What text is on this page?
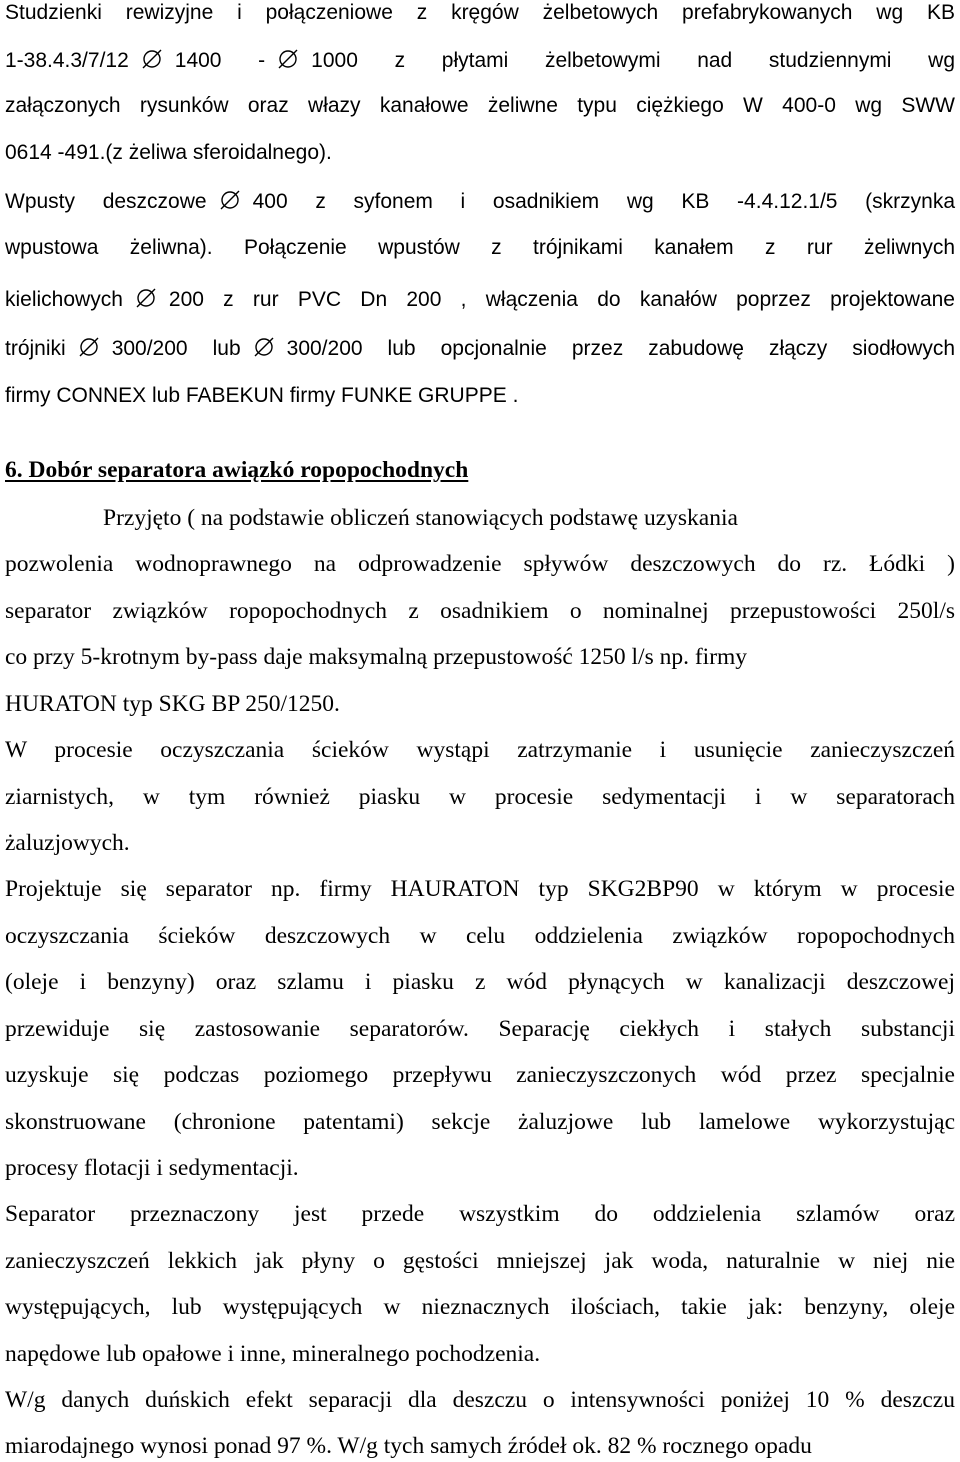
Studzienki rewizyjne i połączeniowe z kręgów żelbetowych prefabrykowanych wg KB
1-38.4.3/7/12 1400 - 1000 z płytami żelbetowymi nad studziennymi wg
załączonych rysunków oraz włazy kanałowe żeliwne typu ciężkiego W 400-0 wg SWW
0614 -491.(z żeliwa sferoidalnego).
Wpusty deszczowe 400 z syfonem i osadnikiem wg KB -4.4.12.1/5 (skrzynka
wpustowa żeliwna). Połączenie wpustów z trójnikami kanałem z rur żeliwnych
kielichowych 200 z rur PVC Dn 200 , włączenia do kanałów poprzez projektowane
trójniki 300/200 lub 300/200 lub opcjonalnie przez zabudowę złączy siodłowych
firmy CONNEX lub FABEKUN firmy FUNKE GRUPPE .
6. Dobór separatora awiązkó ropopochodnych
Przyjęto ( na podstawie obliczeń stanowiących podstawę uzyskania
pozwolenia wodnoprawnego na odprowadzenie spływów deszczowych do rz. Łódki )
separator związków ropopochodnych z osadnikiem o nominalnej przepustowości 250l/s
co przy 5-krotnym by-pass daje maksymalną przepustowość 1250 l/s np. firmy
HURATON typ SKG BP 250/1250.
W procesie oczyszczania ścieków wystąpi zatrzymanie i usunięcie zanieczyszczeń
ziarnistych, w tym również piasku w procesie sedymentacji i w separatorach
żaluzjowych.
Projektuje się separator np. firmy HAURATON typ SKG2BP90 w którym w procesie
oczyszczania ścieków deszczowych w celu oddzielenia związków ropopochodnych
(oleje i benzyny) oraz szlamu i piasku z wód płynących w kanalizacji deszczowej
przewiduje się zastosowanie separatorów. Separację ciekłych i stałych substancji
uzyskuje się podczas poziomego przepływu zanieczyszczonych wód przez specjalnie
skonstruowane (chronione patentami) sekcje żaluzjowe lub lamelowe wykorzystując
procesy flotacji i sedymentacji.
Separator przeznaczony jest przede wszystkim do oddzielenia szlamów oraz
zanieczyszczeń lekkich jak płyny o gęstości mniejszej jak woda, naturalnie w niej nie
występujących, lub występujących w nieznacznych ilościach, takie jak: benzyny, oleje
napędowe lub opałowe i inne, mineralnego pochodzenia.
W/g danych duńskich efekt separacji dla deszczu o intensywności poniżej 10 % deszczu
miarodajnego wynosi ponad 97 %. W/g tych samych źródeł ok. 82 % rocznego opadu
